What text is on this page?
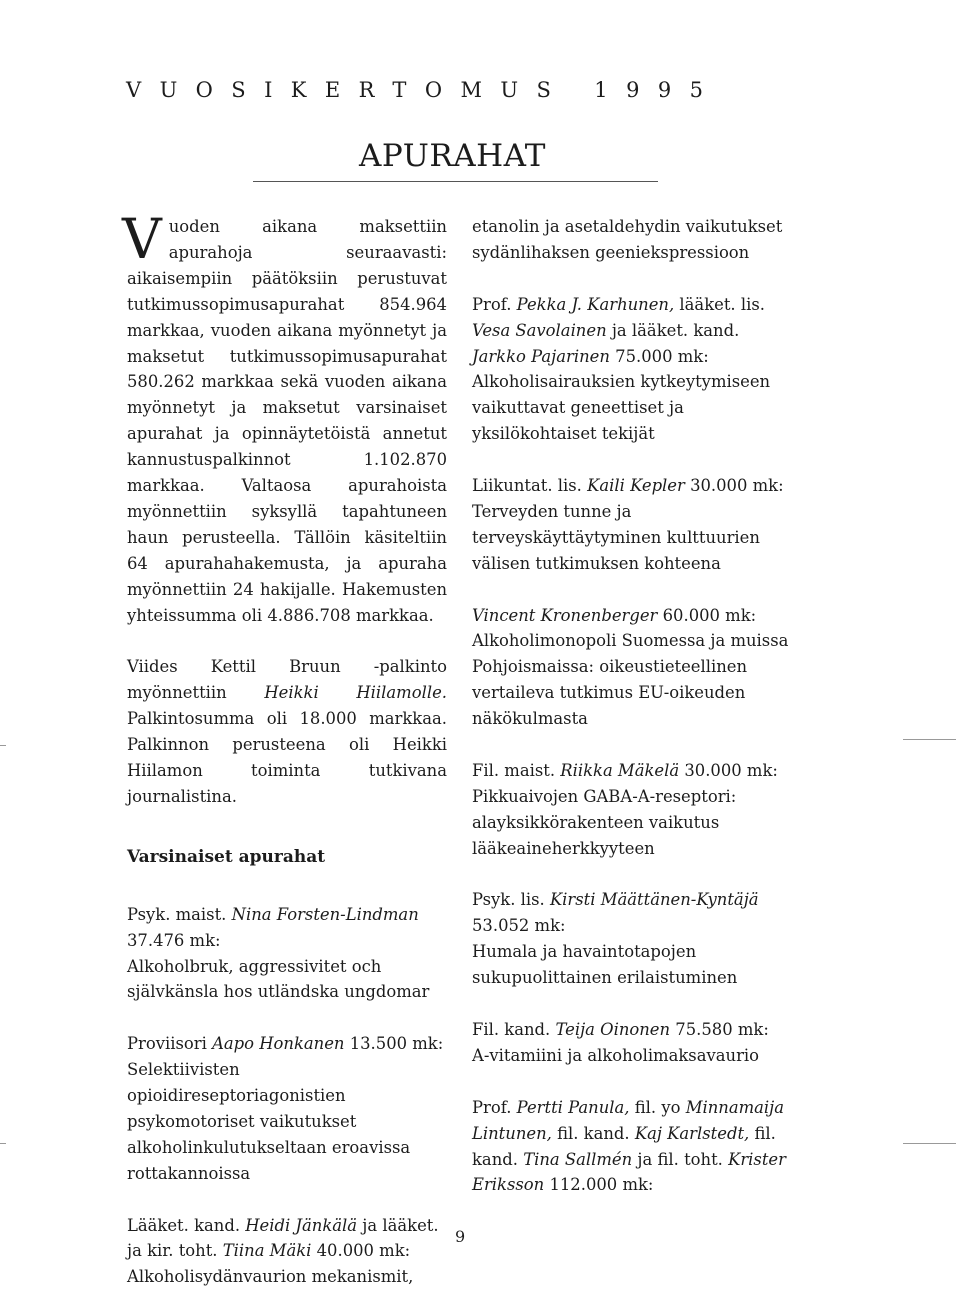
VUOSIKERTOMUS 1995
APURAHAT

Vuoden aikana maksettiin apurahoja seuraavasti: aikaisempiin päätöksiin perustuvat tutkimussopimusapurahat 854.964 markkaa, vuoden aikana myönnetyt ja maksetut tutkimussopimusapurahat 580.262 markkaa sekä vuoden aikana myönnetyt ja maksetut varsinaiset apurahat ja opinnäytetöistä annetut kannustuspalkinnot 1.102.870 markkaa. Valtaosa apurahoista myönnettiin syksyllä tapahtuneen haun perusteella. Tällöin käsiteltiin 64 apurahahakemusta, ja apuraha myönnettiin 24 hakijalle. Hakemusten yhteissumma oli 4.886.708 markkaa.

Viides Kettil Bruun -palkinto myönnettiin Heikki Hiilamolle. Palkintosumma oli 18.000 markkaa. Palkinnon perusteena oli Heikki Hiilamon toiminta tutkivana journalistina.

Varsinaiset apurahat

Psyk. maist. Nina Forsten-Lindman

37.476 mk:

Alkoholbruk, aggressivitet och självkänsla hos utländska ungdomar

Proviisori Aapo Honkanen 13.500 mk:

Selektiivisten opioidireseptoriagonistien psykomotoriset vaikutukset alkoholinkulutukseltaan eroavissa rottakannoissa

Lääket. kand. Heidi Jänkälä ja lääket. ja kir. toht. Tiina Mäki 40.000 mk:

Alkoholisydänvaurion mekanismit,

etanolin ja asetaldehydin vaikutukset sydänlihaksen geeniekspressioon

Prof. Pekka J. Karhunen, lääket. lis. Vesa Savolainen ja lääket. kand. Jarkko Pajarinen 75.000 mk:

Alkoholisairauksien kytkeytymiseen vaikuttavat geneettiset ja yksilökohtaiset tekijät

Liikuntat. lis. Kaili Kepler 30.000 mk:

Terveyden tunne ja terveyskäyttäytyminen kulttuurien välisen tutkimuksen kohteena

Vincent Kronenberger 60.000 mk:

Alkoholimonopoli Suomessa ja muissa Pohjoismaissa: oikeustieteellinen vertaileva tutkimus EU-oikeuden näkökulmasta

Fil. maist. Riikka Mäkelä 30.000 mk:

Pikkuaivojen GABA-A-reseptori: alayksikkörakenteen vaikutus lääkeaineherkkyyteen

Psyk. lis. Kirsti Määttänen-Kyntäjä

53.052 mk:

Humala ja havaintotapojen sukupuolittainen erilaistuminen

Fil. kand. Teija Oinonen 75.580 mk:

A-vitamiini ja alkoholimaksavaurio

Prof. Pertti Panula, fil. yo Minnamaija Lintunen, fil. kand. Kaj Karlstedt, fil. kand. Tina Sallmén ja fil. toht. Krister Eriksson 112.000 mk:

9
